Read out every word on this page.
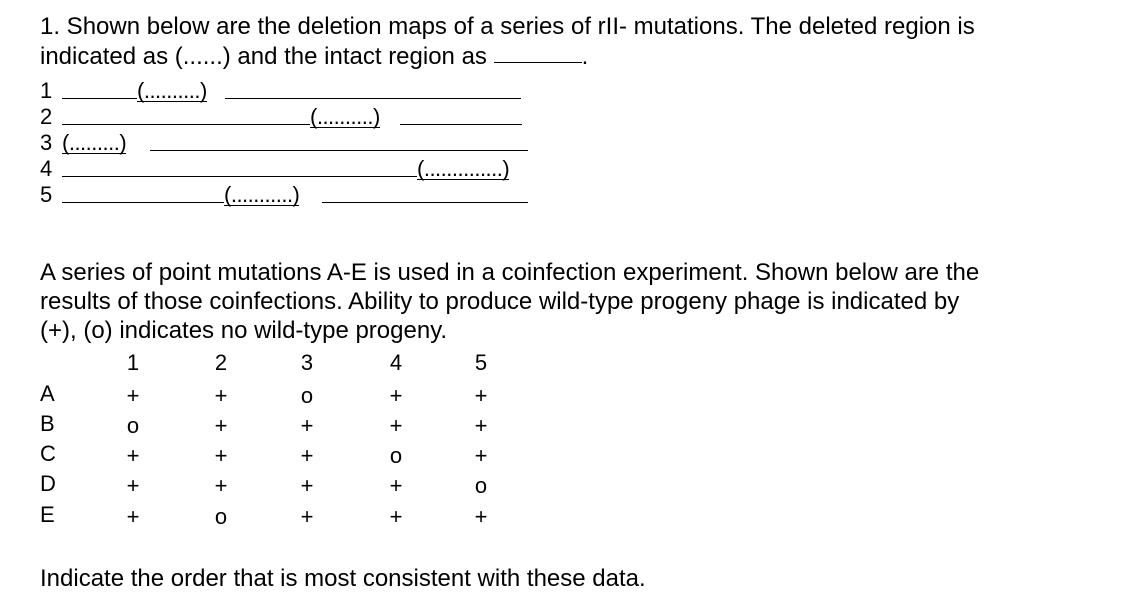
1. Shown below are the deletion maps of a series of rII- mutations. The deleted region is
indicated as (......) and the intact region as	.
1	(..........)
2	(..........)
3 (.........)
4	(..............)
5	(...........)
A series of point mutations A-E is used in a coinfection experiment. Shown below are the
results of those coinfections. Ability to produce wild-type progeny phage is indicated by
(+), (o) indicates no wild-type progeny.
1	2	3	4	5
A	+	+	o	+	+
B	o	+	+	+	+
C	+	+	+	o	+
D	+	+	+	+	o
E	+	o	+	+	+
Indicate the order that is most consistent with these data.
